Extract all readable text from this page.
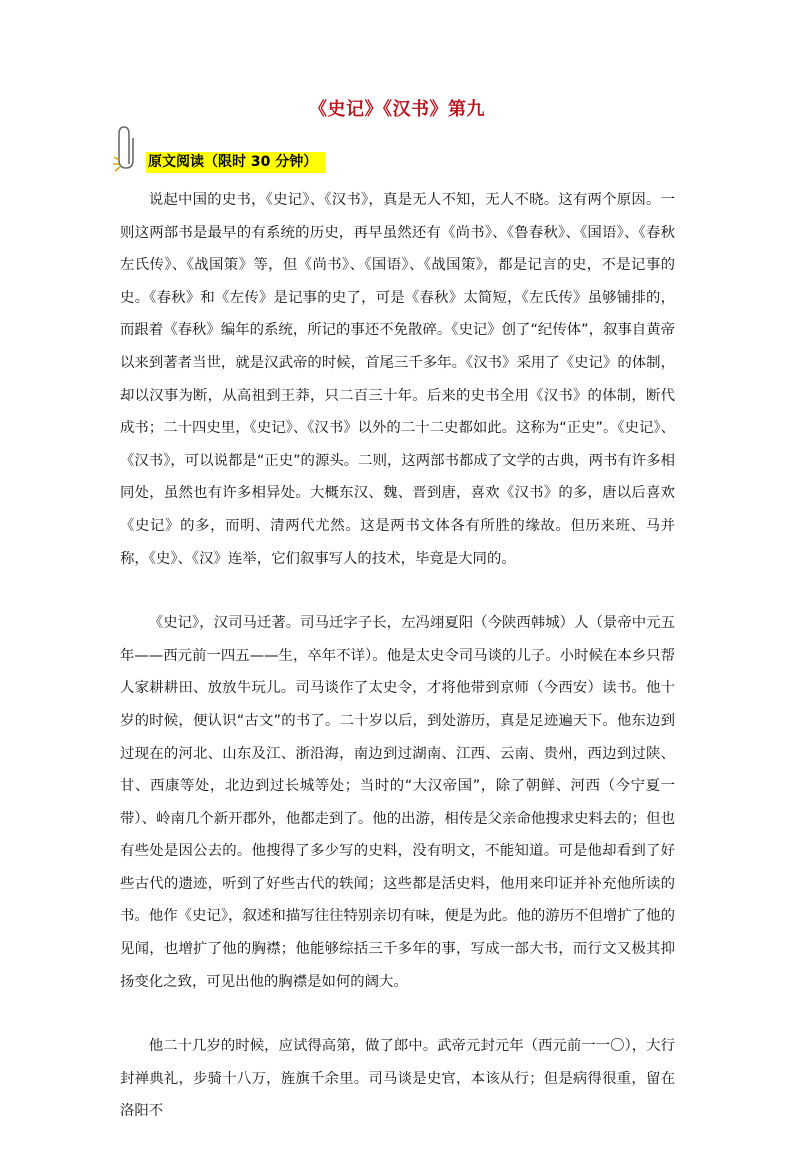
《史记》《汉书》第九
原文阅读（限时 30 分钟）

说起中国的史书，《史记》、《汉书》，真是无人不知，无人不晓。这有两个原因。一则这两部书是最早的有系统的历史，再早虽然还有《尚书》、《鲁春秋》、《国语》、《春秋左氏传》、《战国策》等，但《尚书》、《国语》、《战国策》，都是记言的史，不是记事的史。《春秋》和《左传》是记事的史了，可是《春秋》太简短，《左氏传》虽够铺排的，而跟着《春秋》编年的系统，所记的事还不免散碎。《史记》创了“纪传体”，叙事自黄帝以来到著者当世，就是汉武帝的时候，首尾三千多年。《汉书》采用了《史记》的体制，却以汉事为断，从高祖到王莽，只二百三十年。后来的史书全用《汉书》的体制，断代成书；二十四史里，《史记》、《汉书》以外的二十二史都如此。这称为“正史”。《史记》、《汉书》，可以说都是“正史”的源头。二则，这两部书都成了文学的古典，两书有许多相同处，虽然也有许多相异处。大概东汉、魏、晋到唐，喜欢《汉书》的多，唐以后喜欢《史记》的多，而明、清两代尤然。这是两书文体各有所胜的缘故。但历来班、马并称，《史》、《汉》连举，它们叙事写人的技术，毕竟是大同的。

《史记》，汉司马迁著。司马迁字子长，左冯翊夏阳（今陕西韩城）人（景帝中元五年——西元前一四五——生，卒年不详）。他是太史令司马谈的儿子。小时候在本乡只帮人家耕耕田、放放牛玩儿。司马谈作了太史令，才将他带到京师（今西安）读书。他十岁的时候，便认识“古文”的书了。二十岁以后，到处游历，真是足迹遍天下。他东边到过现在的河北、山东及江、浙沿海，南边到过湖南、江西、云南、贵州，西边到过陕、甘、西康等处，北边到过长城等处；当时的“大汉帝国”，除了朝鲜、河西（今宁夏一带）、岭南几个新开郡外，他都走到了。他的出游，相传是父亲命他搜求史料去的；但也有些处是因公去的。他搜得了多少写的史料，没有明文，不能知道。可是他却看到了好些古代的遗迹，听到了好些古代的轶闻；这些都是活史料，他用来印证并补充他所读的书。他作《史记》，叙述和描写往往特别亲切有味，便是为此。他的游历不但增扩了他的见闻，也增扩了他的胸襟；他能够综括三千多年的事，写成一部大书，而行文又极其抑扬变化之致，可见出他的胸襟是如何的阔大。

他二十几岁的时候，应试得高第，做了郎中。武帝元封元年（西元前一一〇），大行封禅典礼，步骑十八万，旌旗千余里。司马谈是史官，本该从行；但是病得很重，留在洛阳不
